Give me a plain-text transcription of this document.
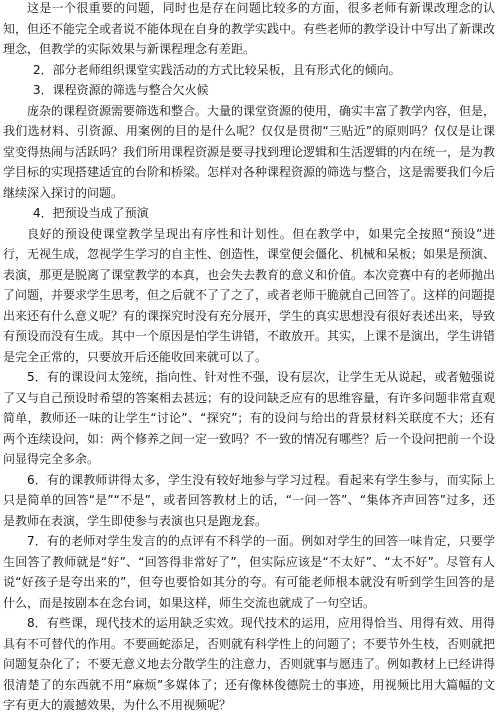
这是一个很重要的问题，同时也是存在问题比较多的方面，很多老师有新课改理念的认知，但还不能完全或者说不能体现在自身的教学实践中。有些老师的教学设计中写出了新课改理念，但教学的实际效果与新课程理念有差距。

2．部分老师组织课堂实践活动的方式比较呆板，且有形式化的倾向。

3．课程资源的筛选与整合欠火候

庞杂的课程资源需要筛选和整合。大量的课堂资源的使用，确实丰富了教学内容，但是，我们选材料、引资源、用案例的目的是什么呢？仅仅是贯彻“三贴近”的原则吗？仅仅是让课堂变得热闹与活跃吗？我们所用课程资源是要寻找到理论逻辑和生活逻辑的内在统一，是为教学目标的实现搭建适宜的台阶和桥梁。怎样对各种课程资源的筛选与整合，这是需要我们今后继续深入探讨的问题。

4．把预设当成了预演

良好的预设使课堂教学呈现出有序性和计划性。但在教学中，如果完全按照“预设”进行，无视生成，忽视学生学习的自主性、创造性，课堂便会僵化、机械和呆板；如果是预演、表演，那更是脱离了课堂教学的本真，也会失去教育的意义和价值。本次竞赛中有的老师抛出了问题，并要求学生思考，但之后就不了了之了，或者老师干脆就自己回答了。这样的问题提出来还有什么意义呢？有的课探究时没有充分展开，学生的真实思想没有很好表述出来，导致有预设而没有生成。其中一个原因是怕学生讲错，不敢放开。其实，上课不是演出，学生讲错是完全正常的，只要放开后还能收回来就可以了。

5．有的课设问太笼统，指向性、针对性不强，设有层次，让学生无从说起，或者勉强说了又与自己预设时希望的答案相去甚远；有的设问缺乏应有的思维容量，有许多问题非常直观简单，教师还一味的让学生“讨论”、“探究”；有的设问与给出的背景材料关联度不大；还有两个连续设问，如：两个修养之间一定一致吗？不一致的情况有哪些？后一个设问把前一个设问显得完全多余。

6．有的课教师讲得太多，学生没有较好地参与学习过程。看起来有学生参与，而实际上只是简单的回答“是”“不是”，或者回答教材上的话，“一问一答”、“集体齐声回答”过多，还是教师在表演，学生即使参与表演也只是跑龙套。

7．有的老师对学生发言的的点评有不科学的一面。例如对学生的回答一味肯定，只要学生回答了教师就是“好”、“回答得非常好了”，但实际应该是“不太好”、“太不好”。尽管有人说“好孩子是夸出来的”，但夸也要恰如其分的夸。有可能老师根本就没有听到学生回答的是什么，而是按剧本在念台词，如果这样，师生交流也就成了一句空话。

8．有些课，现代技术的运用缺乏实效。现代技术的运用，应用得恰当、用得有效、用得具有不可替代的作用。不要画蛇添足，否则就有科学性上的问题了；不要节外生枝，否则就把问题复杂化了；不要无意义地去分散学生的注意力，否则就事与愿违了。例如教材上已经讲得很清楚了的东西就不用“麻烦”多媒体了；还有像林俊德院士的事迹，用视频比用大篇幅的文字有更大的震撼效果，为什么不用视频呢？
